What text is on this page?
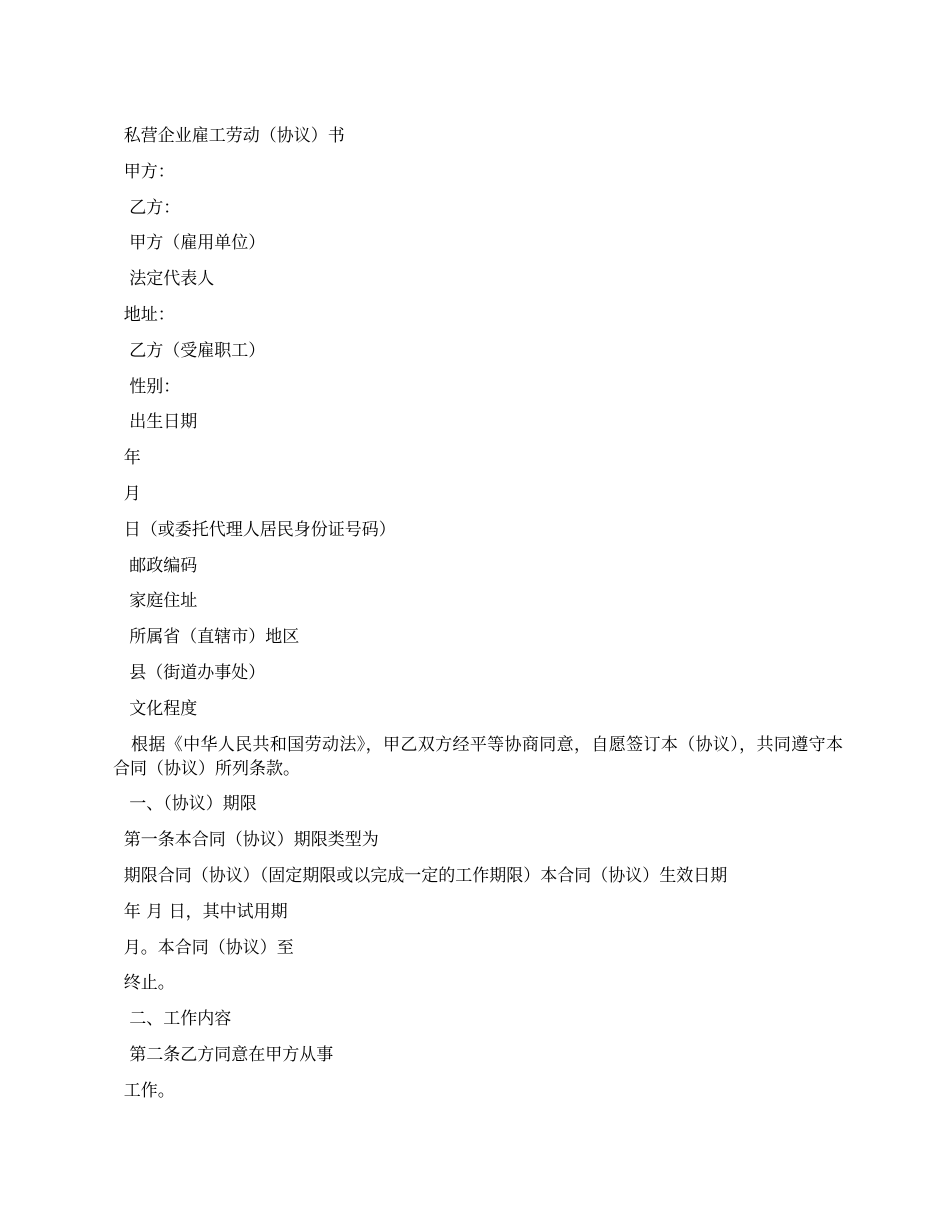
私营企业雇工劳动（协议）书
甲方：
乙方：
甲方（雇用单位）
法定代表人
地址：
乙方（受雇职工）
性别：
出生日期
年
月
日（或委托代理人居民身份证号码）
邮政编码
家庭住址
所属省（直辖市）地区
县（街道办事处）
文化程度
根据《中华人民共和国劳动法》，甲乙双方经平等协商同意，自愿签订本（协议），共同遵守本合同（协议）所列条款。
一、（协议）期限
第一条本合同（协议）期限类型为
期限合同（协议）（固定期限或以完成一定的工作期限）本合同（协议）生效日期
年 月 日，其中试用期
月。本合同（协议）至
终止。
二、工作内容
第二条乙方同意在甲方从事
工作。
